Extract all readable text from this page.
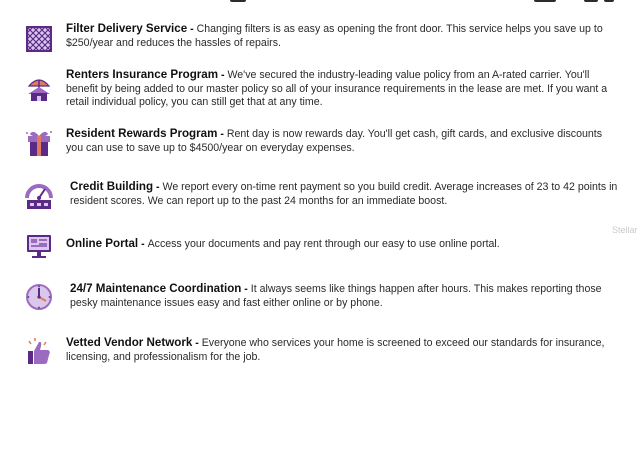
Filter Delivery Service - Changing filters is as easy as opening the front door. This service helps you save up to $250/year and reduces the hassles of repairs.
Renters Insurance Program - We've secured the industry-leading value policy from an A-rated carrier. You'll benefit by being added to our master policy so all of your insurance requirements in the lease are met. If you want a retail individual policy, you can still get that at any time.
Resident Rewards Program - Rent day is now rewards day. You'll get cash, gift cards, and exclusive discounts you can use to save up to $4500/year on everyday expenses.
Credit Building - We report every on-time rent payment so you build credit. Average increases of 23 to 42 points in resident scores. We can report up to the past 24 months for an immediate boost.
Online Portal - Access your documents and pay rent through our easy to use online portal.
24/7 Maintenance Coordination - It always seems like things happen after hours. This makes reporting those pesky maintenance issues easy and fast either online or by phone.
Vetted Vendor Network - Everyone who services your home is screened to exceed our standards for insurance, licensing, and professionalism for the job.
Stellar
